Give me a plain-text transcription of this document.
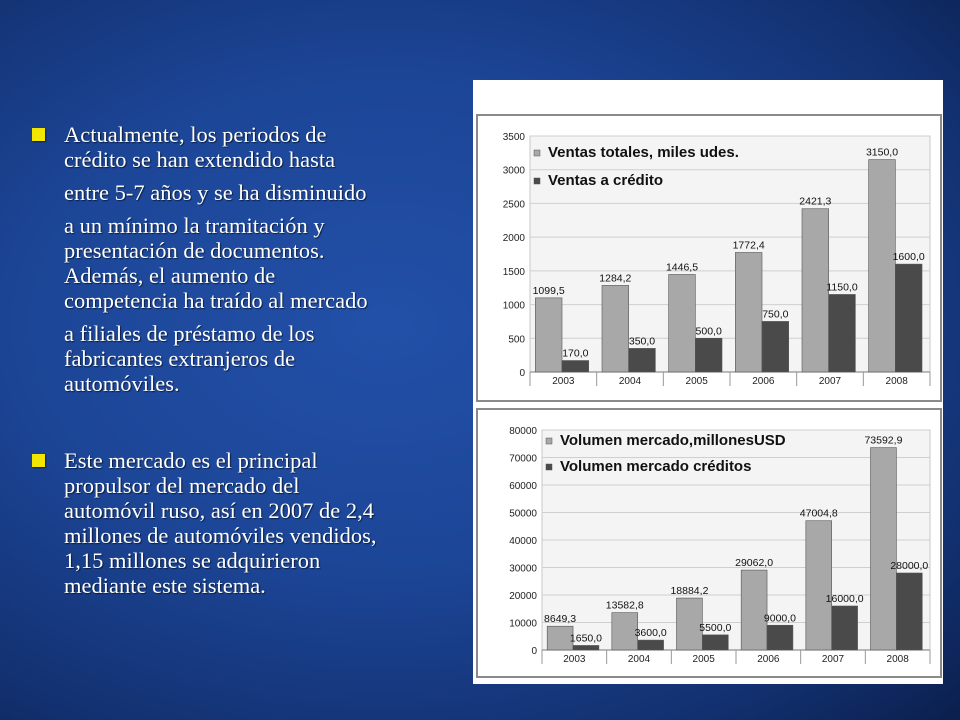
Actualmente, los periodos de
crédito se han extendido hasta
entre 5-7 años y se ha disminuido
a un mínimo la tramitación y
presentación de documentos.
Además, el aumento de
competencia ha traído al mercado
a filiales de préstamo de los
fabricantes extranjeros de
automóviles.
Este mercado es el principal
propulsor del mercado del
automóvil ruso, así en 2007 de 2,4
millones de automóviles vendidos,
1,15 millones se adquirieron
mediante este sistema.
0
500
1000
1500
2000
2500
3000
3500
2003	2004	2005	2006	2007	2008
1099,5
1284,2
1446,5
1772,4
2421,3
3150,0
170,0
350,0
500,0
750,0
1150,0
1600,0
Ventas totales, miles udes.
Ventas a crédito
0
10000
20000
30000
40000
50000
60000
70000
80000
2003	2004	2005	2006	2007	2008
8649,3
13582,8
18884,2
29062,0
47004,8
73592,9
1650,0	3600,0	5500,0
9000,0
16000,0
28000,0
Volumen mercado,millonesUSD
Volumen mercado créditos
